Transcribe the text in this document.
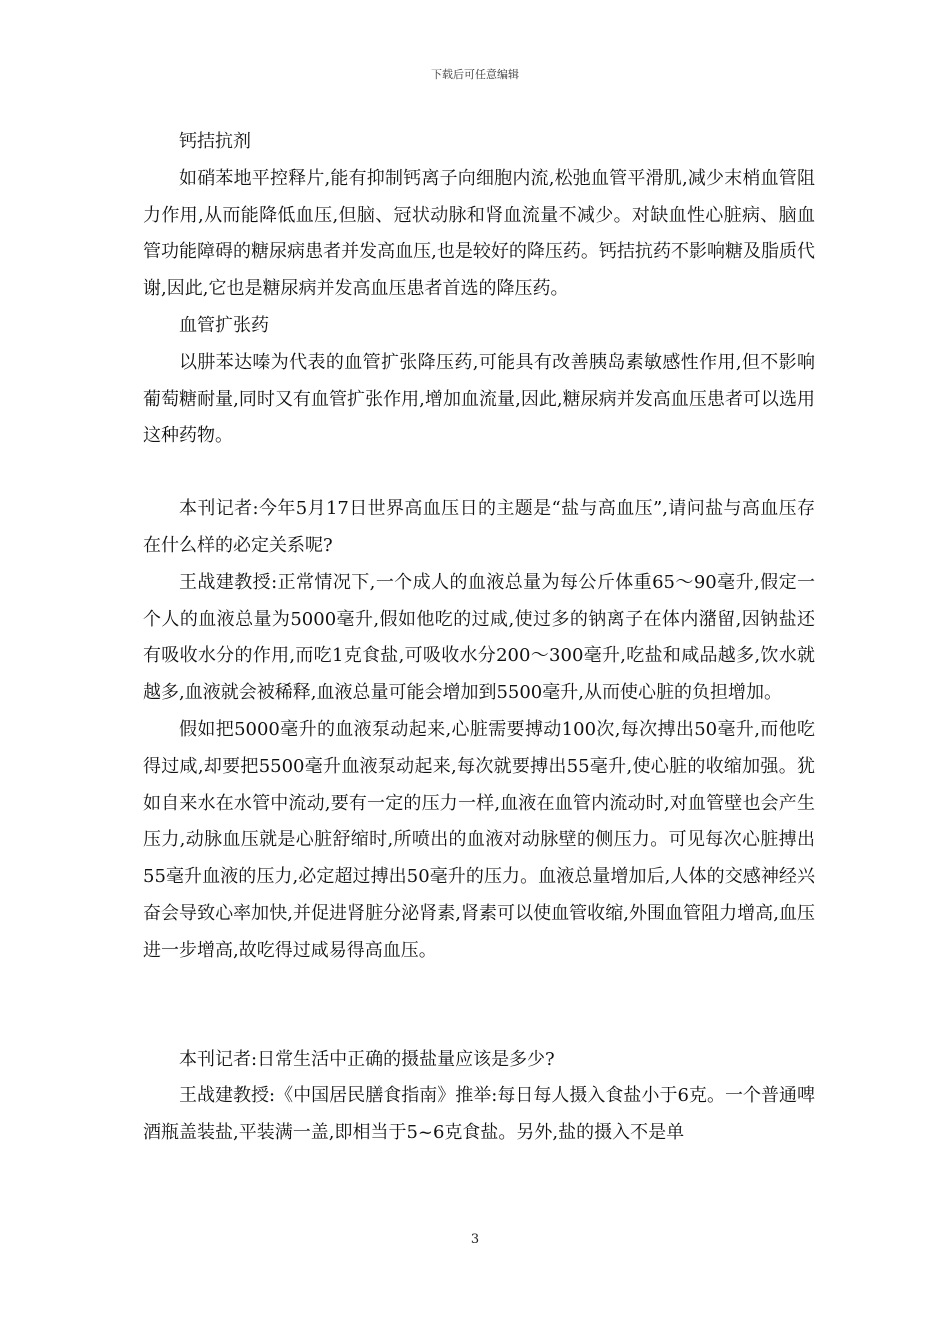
下载后可任意编辑

钙拮抗剂

如硝苯地平控释片,能有抑制钙离子向细胞内流,松弛血管平滑肌,减少末梢血管阻力作用,从而能降低血压,但脑、冠状动脉和肾血流量不减少。对缺血性心脏病、脑血管功能障碍的糖尿病患者并发高血压,也是较好的降压药。钙拮抗药不影响糖及脂质代谢,因此,它也是糖尿病并发高血压患者首选的降压药。

血管扩张药

以肼苯达嗪为代表的血管扩张降压药,可能具有改善胰岛素敏感性作用,但不影响葡萄糖耐量,同时又有血管扩张作用,增加血流量,因此,糖尿病并发高血压患者可以选用这种药物。

本刊记者:今年5月17日世界高血压日的主题是“盐与高血压”,请问盐与高血压存在什么样的必定关系呢?

王战建教授:正常情况下,一个成人的血液总量为每公斤体重65～90毫升,假定一个人的血液总量为5000毫升,假如他吃的过咸,使过多的钠离子在体内潴留,因钠盐还有吸收水分的作用,而吃1克食盐,可吸收水分200～300毫升,吃盐和咸品越多,饮水就越多,血液就会被稀释,血液总量可能会增加到5500毫升,从而使心脏的负担增加。

假如把5000毫升的血液泵动起来,心脏需要搏动100次,每次搏出50毫升,而他吃得过咸,却要把5500毫升血液泵动起来,每次就要搏出55毫升,使心脏的收缩加强。犹如自来水在水管中流动,要有一定的压力一样,血液在血管内流动时,对血管壁也会产生压力,动脉血压就是心脏舒缩时,所喷出的血液对动脉壁的侧压力。可见每次心脏搏出55毫升血液的压力,必定超过搏出50毫升的压力。血液总量增加后,人体的交感神经兴奋会导致心率加快,并促进肾脏分泌肾素,肾素可以使血管收缩,外围血管阻力增高,血压进一步增高,故吃得过咸易得高血压。

本刊记者:日常生活中正确的摄盐量应该是多少?

王战建教授:《中国居民膳食指南》推举:每日每人摄入食盐小于6克。一个普通啤酒瓶盖装盐,平装满一盖,即相当于5~6克食盐。另外,盐的摄入不是单

3
